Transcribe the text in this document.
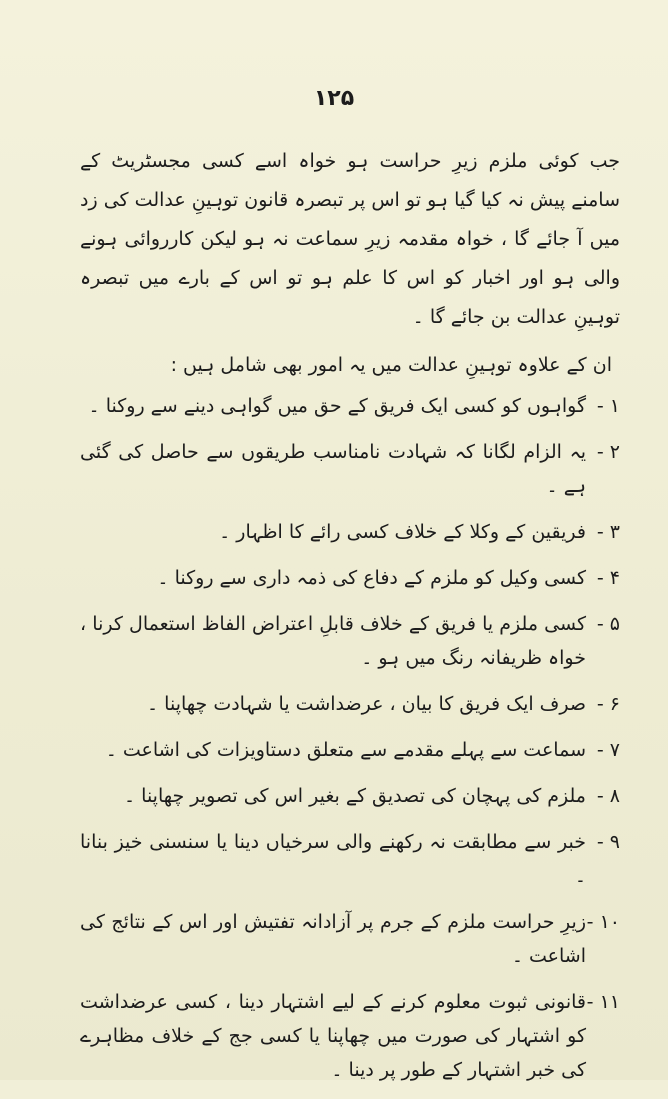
۱۲۵

جب کوئی ملزم زیرِ حراست ہو خواہ اسے کسی مجسٹریٹ کے سامنے پیش نہ کیا گیا ہو تو اس پر تبصرہ قانون توہینِ عدالت کی زد میں آ جائے گا ، خواہ مقدمہ زیرِ سماعت نہ ہو لیکن کارروائی ہونے والی ہو اور اخبار کو اس کا علم ہو تو اس کے بارے میں تبصرہ توہینِ عدالت بن جائے گا ۔

ان کے علاوہ توہینِ عدالت میں یہ امور بھی شامل ہیں :

۱ -
گواہوں کو کسی ایک فریق کے حق میں گواہی دینے سے روکنا ۔
۲ -
یہ الزام لگانا کہ شہادت نامناسب طریقوں سے حاصل کی گئی ہے ۔
۳ -
فریقین کے وکلا کے خلاف کسی رائے کا اظہار ۔
۴ -
کسی وکیل کو ملزم کے دفاع کی ذمہ داری سے روکنا ۔
۵ -
کسی ملزم یا فریق کے خلاف قابلِ اعتراض الفاظ استعمال کرنا ، خواہ ظریفانہ رنگ میں ہو ۔
۶ -
صرف ایک فریق کا بیان ، عرضداشت یا شہادت چھاپنا ۔
۷ -
سماعت سے پہلے مقدمے سے متعلق دستاویزات کی اشاعت ۔
۸ -
ملزم کی پہچان کی تصدیق کے بغیر اس کی تصویر چھاپنا ۔
۹ -
خبر سے مطابقت نہ رکھنے والی سرخیاں دینا یا سنسنی خیز بنانا ۔
۱۰ -
زیرِ حراست ملزم کے جرم پر آزادانہ تفتیش اور اس کے نتائج کی اشاعت ۔
۱۱ -
قانونی ثبوت معلوم کرنے کے لیے اشتہار دینا ، کسی عرضداشت کو اشتہار کی صورت میں چھاپنا یا کسی جج کے خلاف مظاہرے کی خبر اشتہار کے طور پر دینا ۔
